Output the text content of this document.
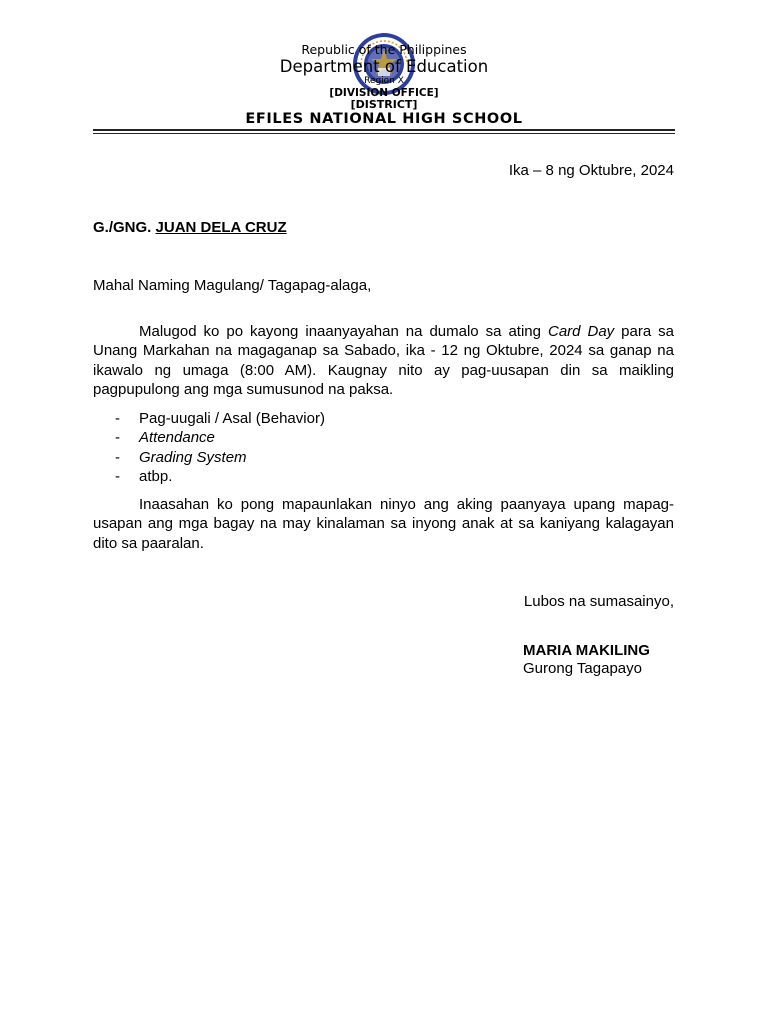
Republic of the Philippines
Department of Education
Region X
[DIVISION OFFICE]
[DISTRICT]
EFILES NATIONAL HIGH SCHOOL
Ika – 8 ng Oktubre, 2024
G./GNG. JUAN DELA CRUZ
Mahal Naming Magulang/ Tagapag-alaga,
Malugod ko po kayong inaanyayahan na dumalo sa ating Card Day para sa Unang Markahan na magaganap sa Sabado, ika - 12 ng Oktubre, 2024 sa ganap na ikawalo ng umaga (8:00 AM). Kaugnay nito ay pag-uusapan din sa maikling pagpupulong ang mga sumusunod na paksa.
- Pag-uugali / Asal (Behavior)
- Attendance
- Grading System
- atbp.
Inaasahan ko pong mapaunlakan ninyo ang aking paanyaya upang mapag-usapan ang mga bagay na may kinalaman sa inyong anak at sa kaniyang kalagayan dito sa paaralan.
Lubos na sumasainyo,
MARIA MAKILING
Gurong Tagapayo
